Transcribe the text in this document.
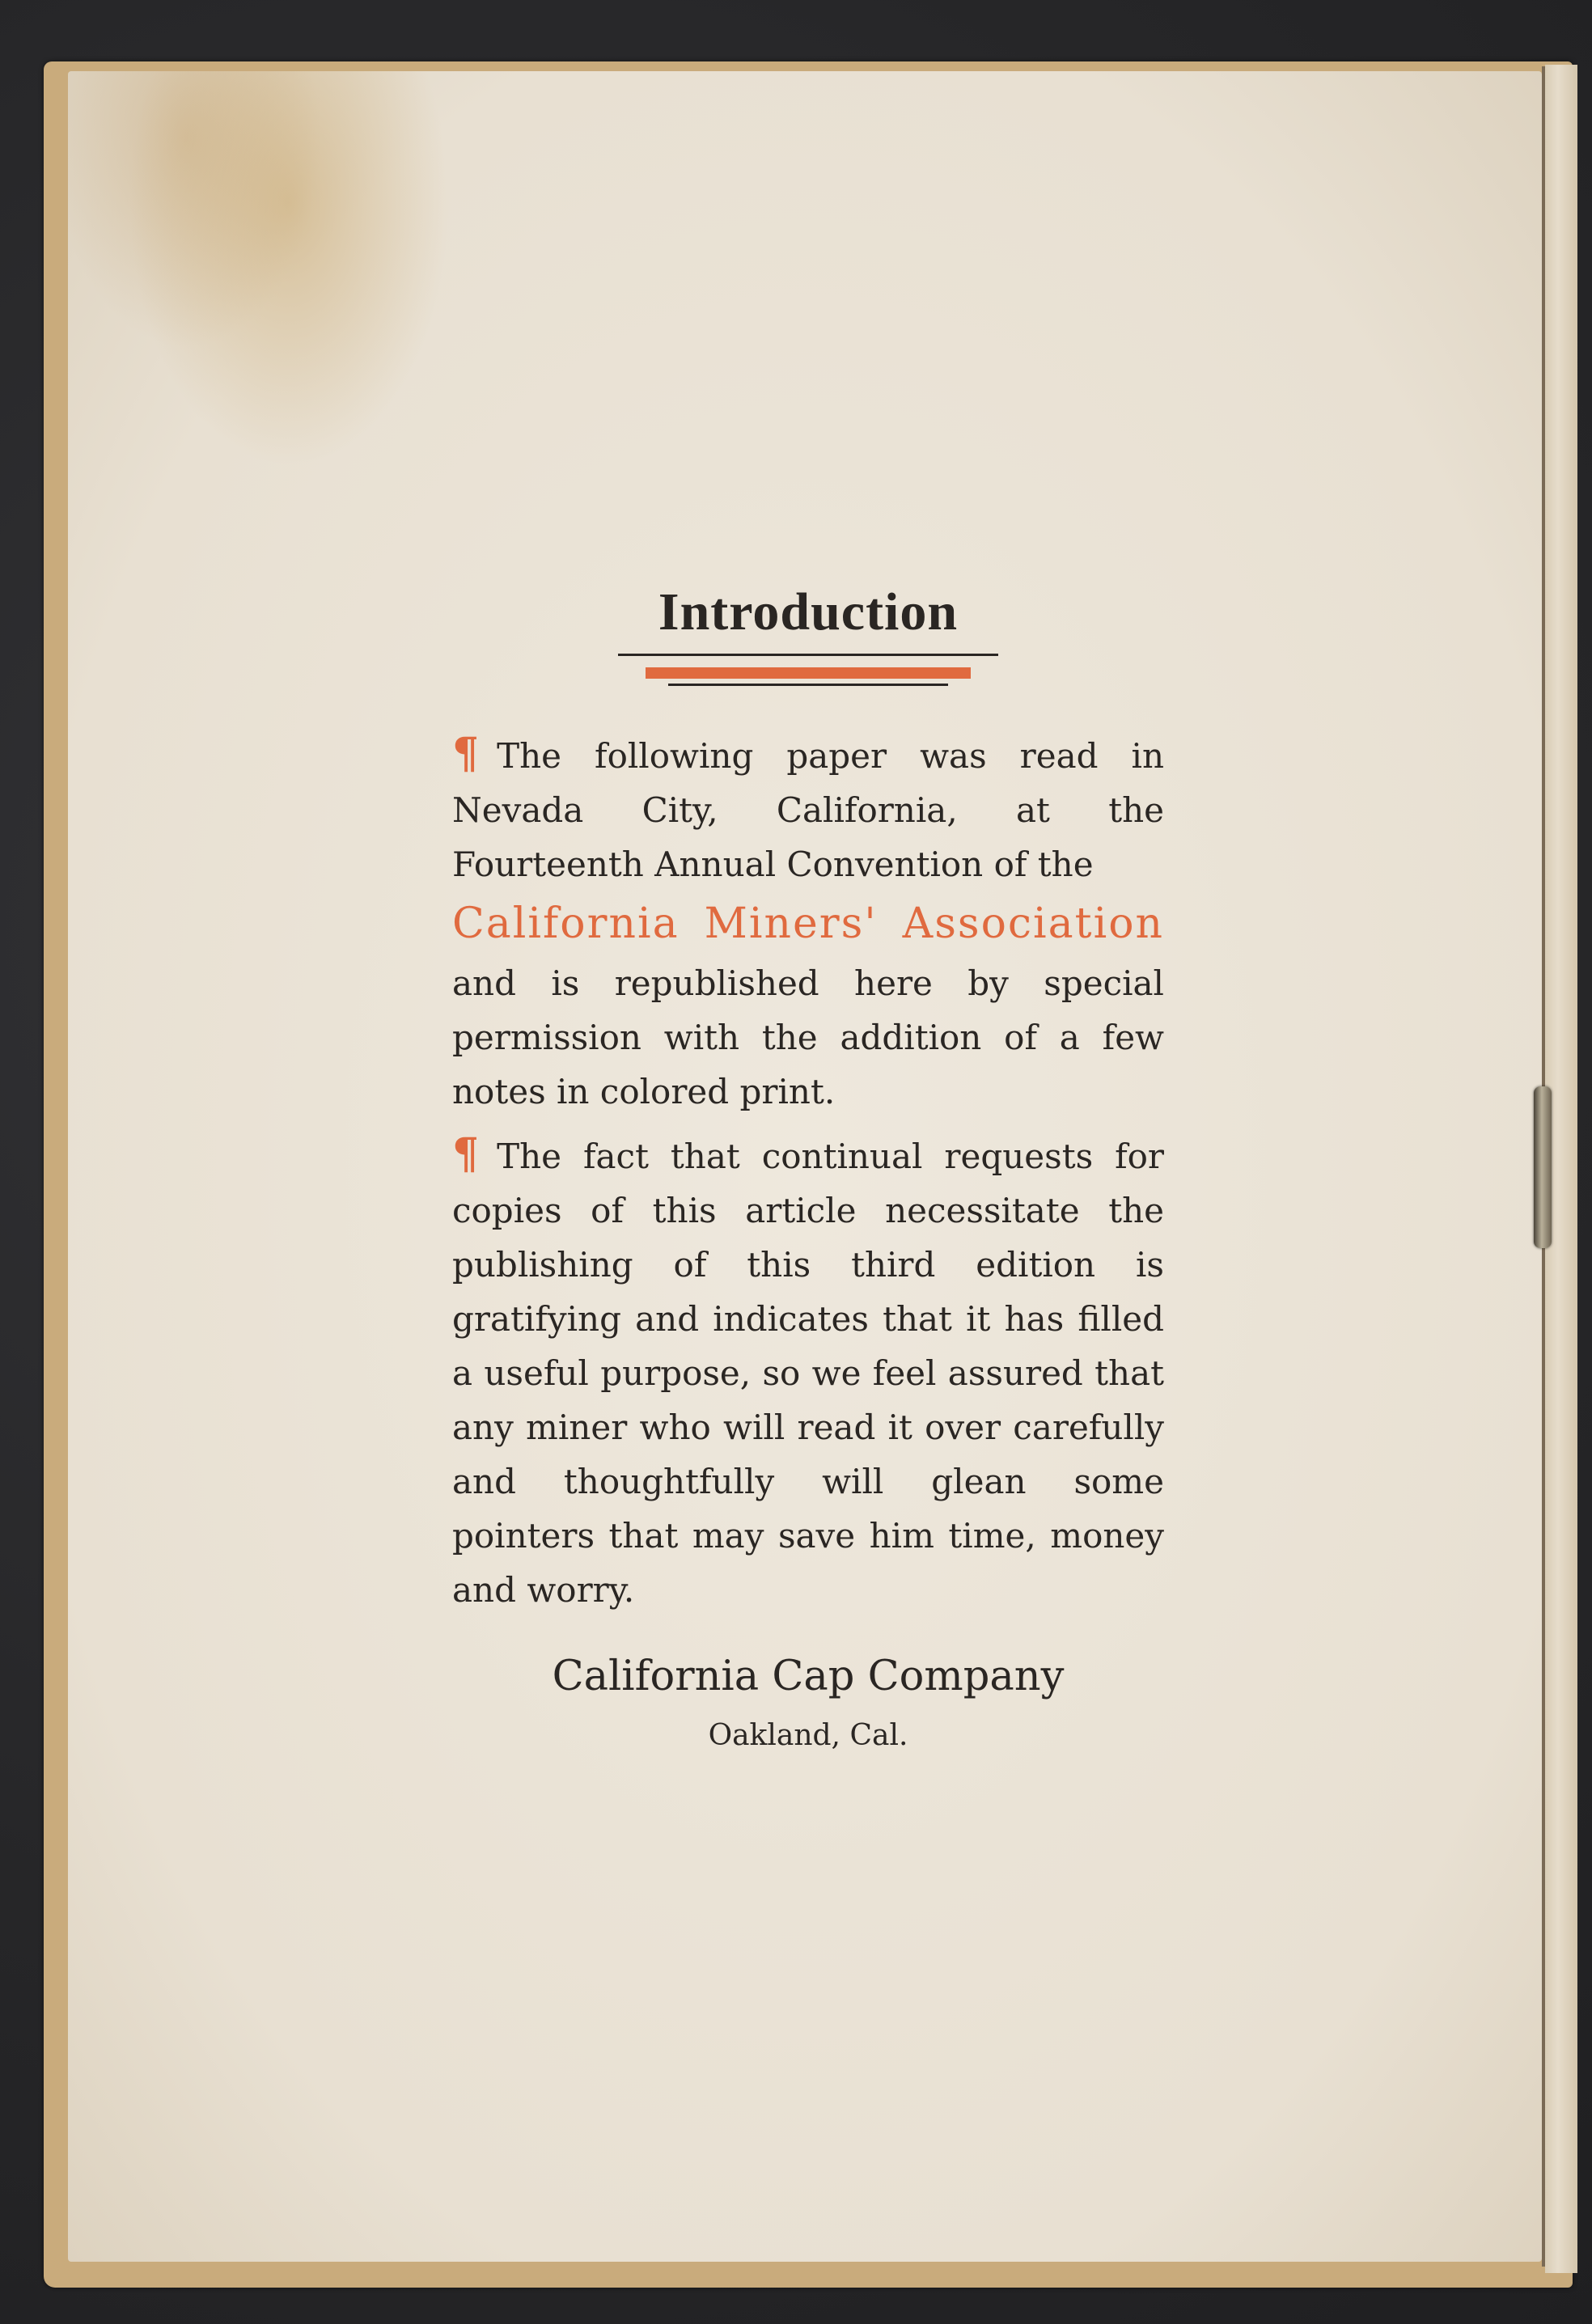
Introduction

¶ The following paper was read in Nevada City, California, at the Fourteenth Annual Convention of the
California Miners' Association
and is republished here by special permission with the addition of a few notes in colored print.

¶ The fact that continual requests for copies of this article necessitate the publishing of this third edition is gratifying and indicates that it has filled a useful purpose, so we feel assured that any miner who will read it over carefully and thoughtfully will glean some pointers that may save him time, money and worry.

California Cap Company
Oakland, Cal.
